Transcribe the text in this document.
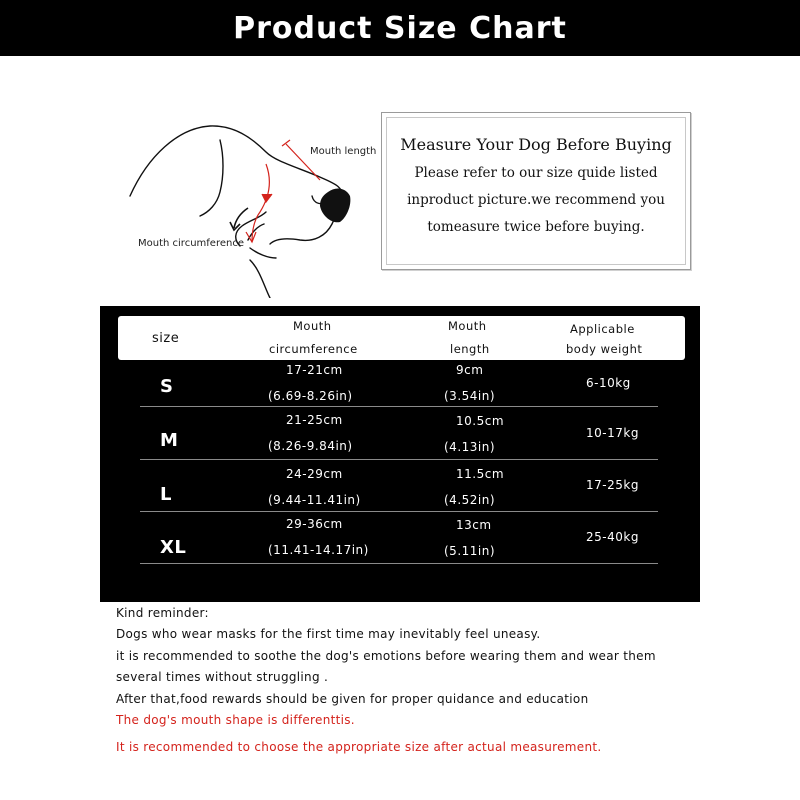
Product Size Chart
Mouth length
Mouth circumference
Measure Your Dog Before Buying
Please refer to our size quide listed
inproduct picture.we recommend you
tomeasure twice before buying.
size
Mouth
circumference
Mouth
length
Applicable
body weight
S
17-21cm
(6.69-8.26in)
9cm
(3.54in)
6-10kg
M
21-25cm
(8.26-9.84in)
10.5cm
(4.13in)
10-17kg
L
24-29cm
(9.44-11.41in)
11.5cm
(4.52in)
17-25kg
XL
29-36cm
(11.41-14.17in)
13cm
(5.11in)
25-40kg
Kind reminder:
Dogs who wear masks for the first time may inevitably feel uneasy.
it is recommended to soothe the dog's emotions before wearing them and wear them
several times without struggling .
After that,food rewards should be given for proper quidance and education
The dog's mouth shape is differenttis.
It is recommended to choose the appropriate size after actual measurement.
